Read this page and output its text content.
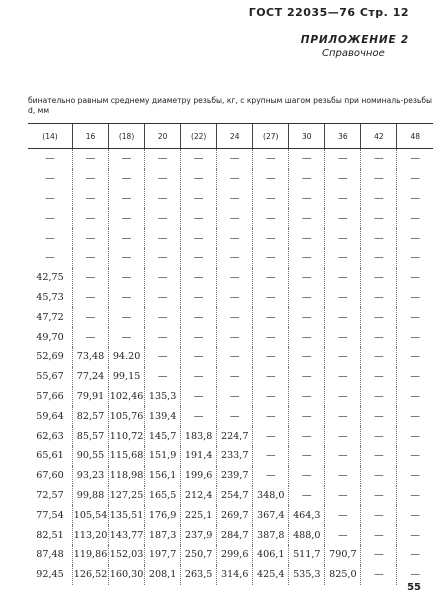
ГОСТ 22035—76 Стр. 12
ПРИЛОЖЕНИЕ 2
Справочное
бинательно равным среднему диаметру резьбы, кг, с крупным шагом резьбы при номиналь-резьбы d, мм
(14)	16	(18)	20	(22)	24	(27)	30	36	42	48
—	—	—	—	—	—	—	—	—	—	—
—	—	—	—	—	—	—	—	—	—	—
—	—	—	—	—	—	—	—	—	—	—
—	—	—	—	—	—	—	—	—	—	—
—	—	—	—	—	—	—	—	—	—	—
—	—	—	—	—	—	—	—	—	—	—
42,75	—	—	—	—	—	—	—	—	—	—
45,73	—	—	—	—	—	—	—	—	—	—
47,72	—	—	—	—	—	—	—	—	—	—
49,70	—	—	—	—	—	—	—	—	—	—
52,69	73,48	94.20	—	—	—	—	—	—	—	—
55,67	77,24	99,15	—	—	—	—	—	—	—	—
57,66	79,91	102,46	135,3	—	—	—	—	—	—	—
59,64	82,57	105,76	139,4	—	—	—	—	—	—	—
62,63	85,57	110,72	145,7	183,8	224,7	—	—	—	—	—
65,61	90,55	115,68	151,9	191,4	233,7	—	—	—	—	—
67,60	93,23	118,98	156,1	199,6	239,7	—	—	—	—	—
72,57	99,88	127,25	165,5	212,4	254,7	348,0	—	—	—	—
77,54	105,54	135,51	176,9	225,1	269,7	367,4	464,3	—	—	—
82,51	113,20	143,77	187,3	237,9	284,7	387,8	488,0	—	—	—
87,48	119,86	152,03	197,7	250,7	299,6	406,1	511,7	790,7	—	—
92,45	126,52	160,30	208,1	263,5	314,6	425,4	535,3	825,0	—	—
55
